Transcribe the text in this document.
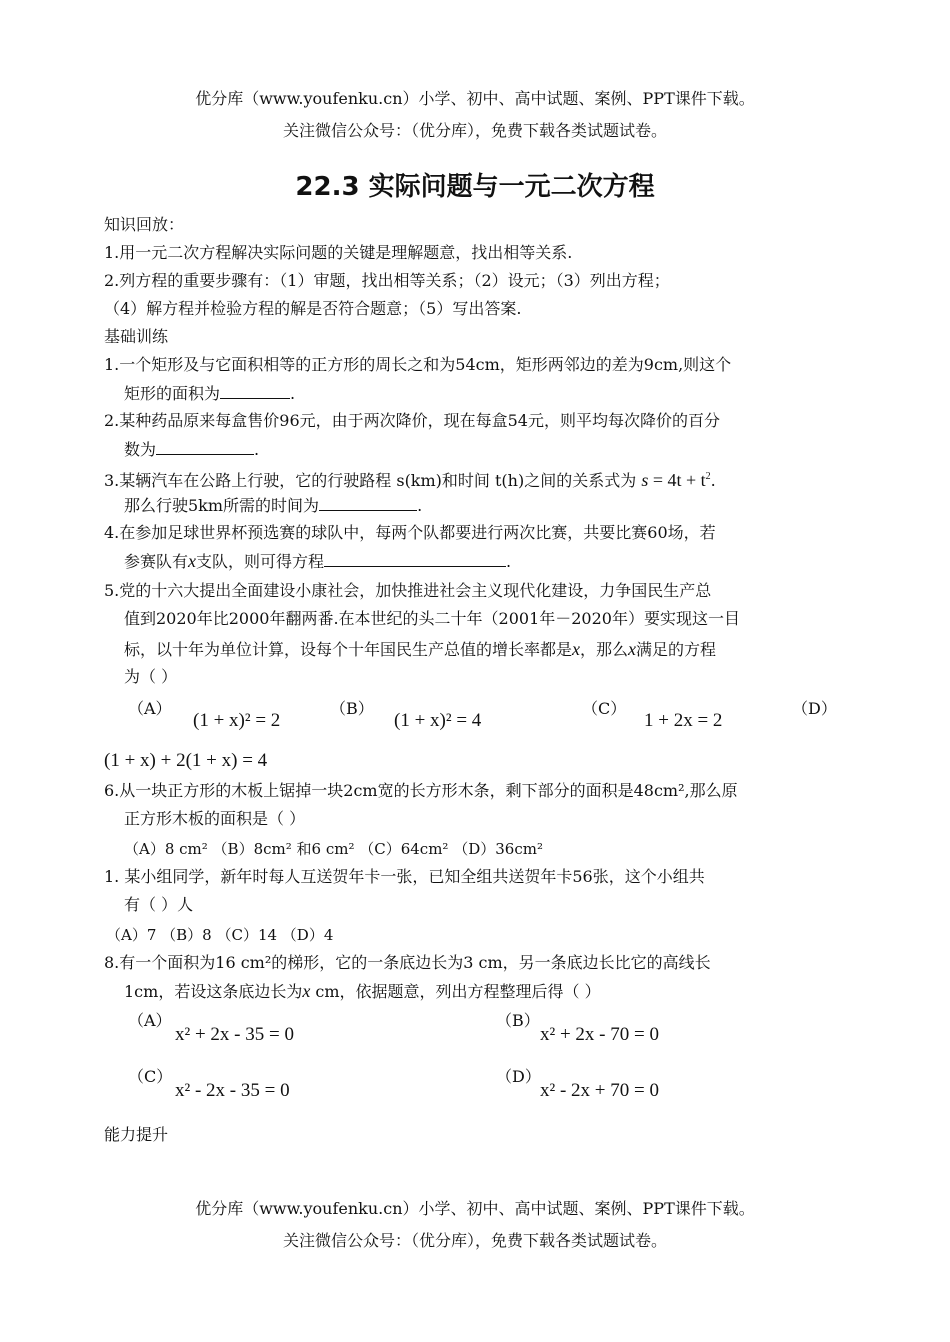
优分库（www.youfenku.cn）小学、初中、高中试题、案例、PPT课件下载。
关注微信公众号：（优分库），免费下载各类试题试卷。
22.3 实际问题与一元二次方程
知识回放：
1.用一元二次方程解决实际问题的关键是理解题意，找出相等关系.
2.列方程的重要步骤有：（1）审题，找出相等关系；（2）设元；（3）列出方程；
（4）解方程并检验方程的解是否符合题意；（5）写出答案.
基础训练
1.一个矩形及与它面积相等的正方形的周长之和为54cm，矩形两邻边的差为9cm,则这个
矩形的面积为	.
2.某种药品原来每盒售价96元，由于两次降价，现在每盒54元，则平均每次降价的百分
数为	.
3.某辆汽车在公路上行驶，它的行驶路程 s(km)和时间 t(h)之间的关系式为 $s = 4t + t^2$.
那么行驶5km所需的时间为	.
4.在参加足球世界杯预选赛的球队中，每两个队都要进行两次比赛，共要比赛60场，若
参赛队有x支队，则可得方程	.
5.党的十六大提出全面建设小康社会，加快推进社会主义现代化建设，力争国民生产总
值到2020年比2000年翻两番.在本世纪的头二十年（2001年－2020年）要实现这一目
标，以十年为单位计算，设每个十年国民生产总值的增长率都是x，那么x满足的方程
为（ ）
（A）
(1 + x)² = 2
（B）
(1 + x)² = 4
（C）
1 + 2x = 2
（D）
(1 + x) + 2(1 + x) = 4
6.从一块正方形的木板上锯掉一块2cm宽的长方形木条，剩下部分的面积是48cm²,那么原
正方形木板的面积是（ ）
（A）8 cm² （B）8cm² 和6 cm² （C）64cm² （D）36cm²
1. 某小组同学，新年时每人互送贺年卡一张，已知全组共送贺年卡56张，这个小组共
有（ ）人
（A）7 （B）8 （C）14 （D）4
8.有一个面积为16 cm²的梯形，它的一条底边长为3 cm，另一条底边长比它的高线长
1cm，若设这条底边长为x cm，依据题意，列出方程整理后得（ ）
（A）
x² + 2x - 35 = 0
（B）
x² + 2x - 70 = 0
（C）
x² - 2x - 35 = 0
（D）
x² - 2x + 70 = 0
能力提升
优分库（www.youfenku.cn）小学、初中、高中试题、案例、PPT课件下载。
关注微信公众号：（优分库），免费下载各类试题试卷。
